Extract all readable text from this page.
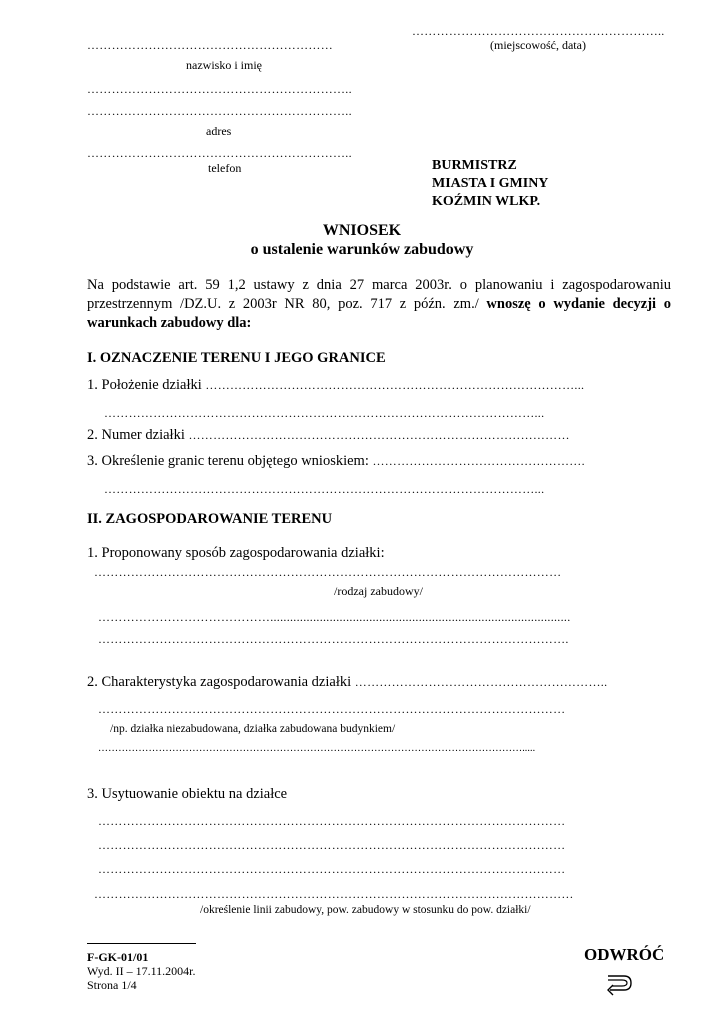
……………………………………………………..
(miejscowość, data)
……………………………………………………
nazwisko i imię
………………………………………………………..
………………………………………………………..
adres
………………………………………………………..
telefon	BURMISTRZ
MIASTA I GMINY
KOŹMIN WLKP.
WNIOSEK
o ustalenie warunków zabudowy
Na podstawie art. 59 1,2 ustawy z dnia 27 marca 2003r. o planowaniu i zagospodarowaniu przestrzennym /DZ.U. z 2003r NR 80, poz. 717 z późn. zm./ wnoszę o wydanie decyzji o warunkach zabudowy dla:
I. OZNACZENIE TERENU I JEGO GRANICE
1. Położenie działki ………………………………………………………………………………...
……………………………………………………………………………………………...
2. Numer działki …………………………………………………………………………………
3. Określenie granic terenu objętego wnioskiem: …………………………………………….
……………………………………………………………………………………………...
II. ZAGOSPODAROWANIE TERENU
1. Proponowany sposób zagospodarowania działki:
……………………………………………………………………………………………………
/rodzaj zabudowy/
……………………………………...........................................................................................
…………………………………………………………………………………………………….
2. Charakterystyka zagospodarowania działki ……………………………………………………..
……………………………………………………………………………………………………
/np. działka niezabudowana, działka zabudowana budynkiem/
……………………………………………………………………………………………………………….....
3. Usytuowanie obiektu na działce
……………………………………………………………………………………………………
……………………………………………………………………………………………………
……………………………………………………………………………………………………
………………………………………………………………………………………………………
/określenie linii zabudowy, pow. zabudowy w stosunku do pow. działki/
F-GK-01/01
Wyd. II – 17.11.2004r.
Strona 1/4
ODWRÓĆ
